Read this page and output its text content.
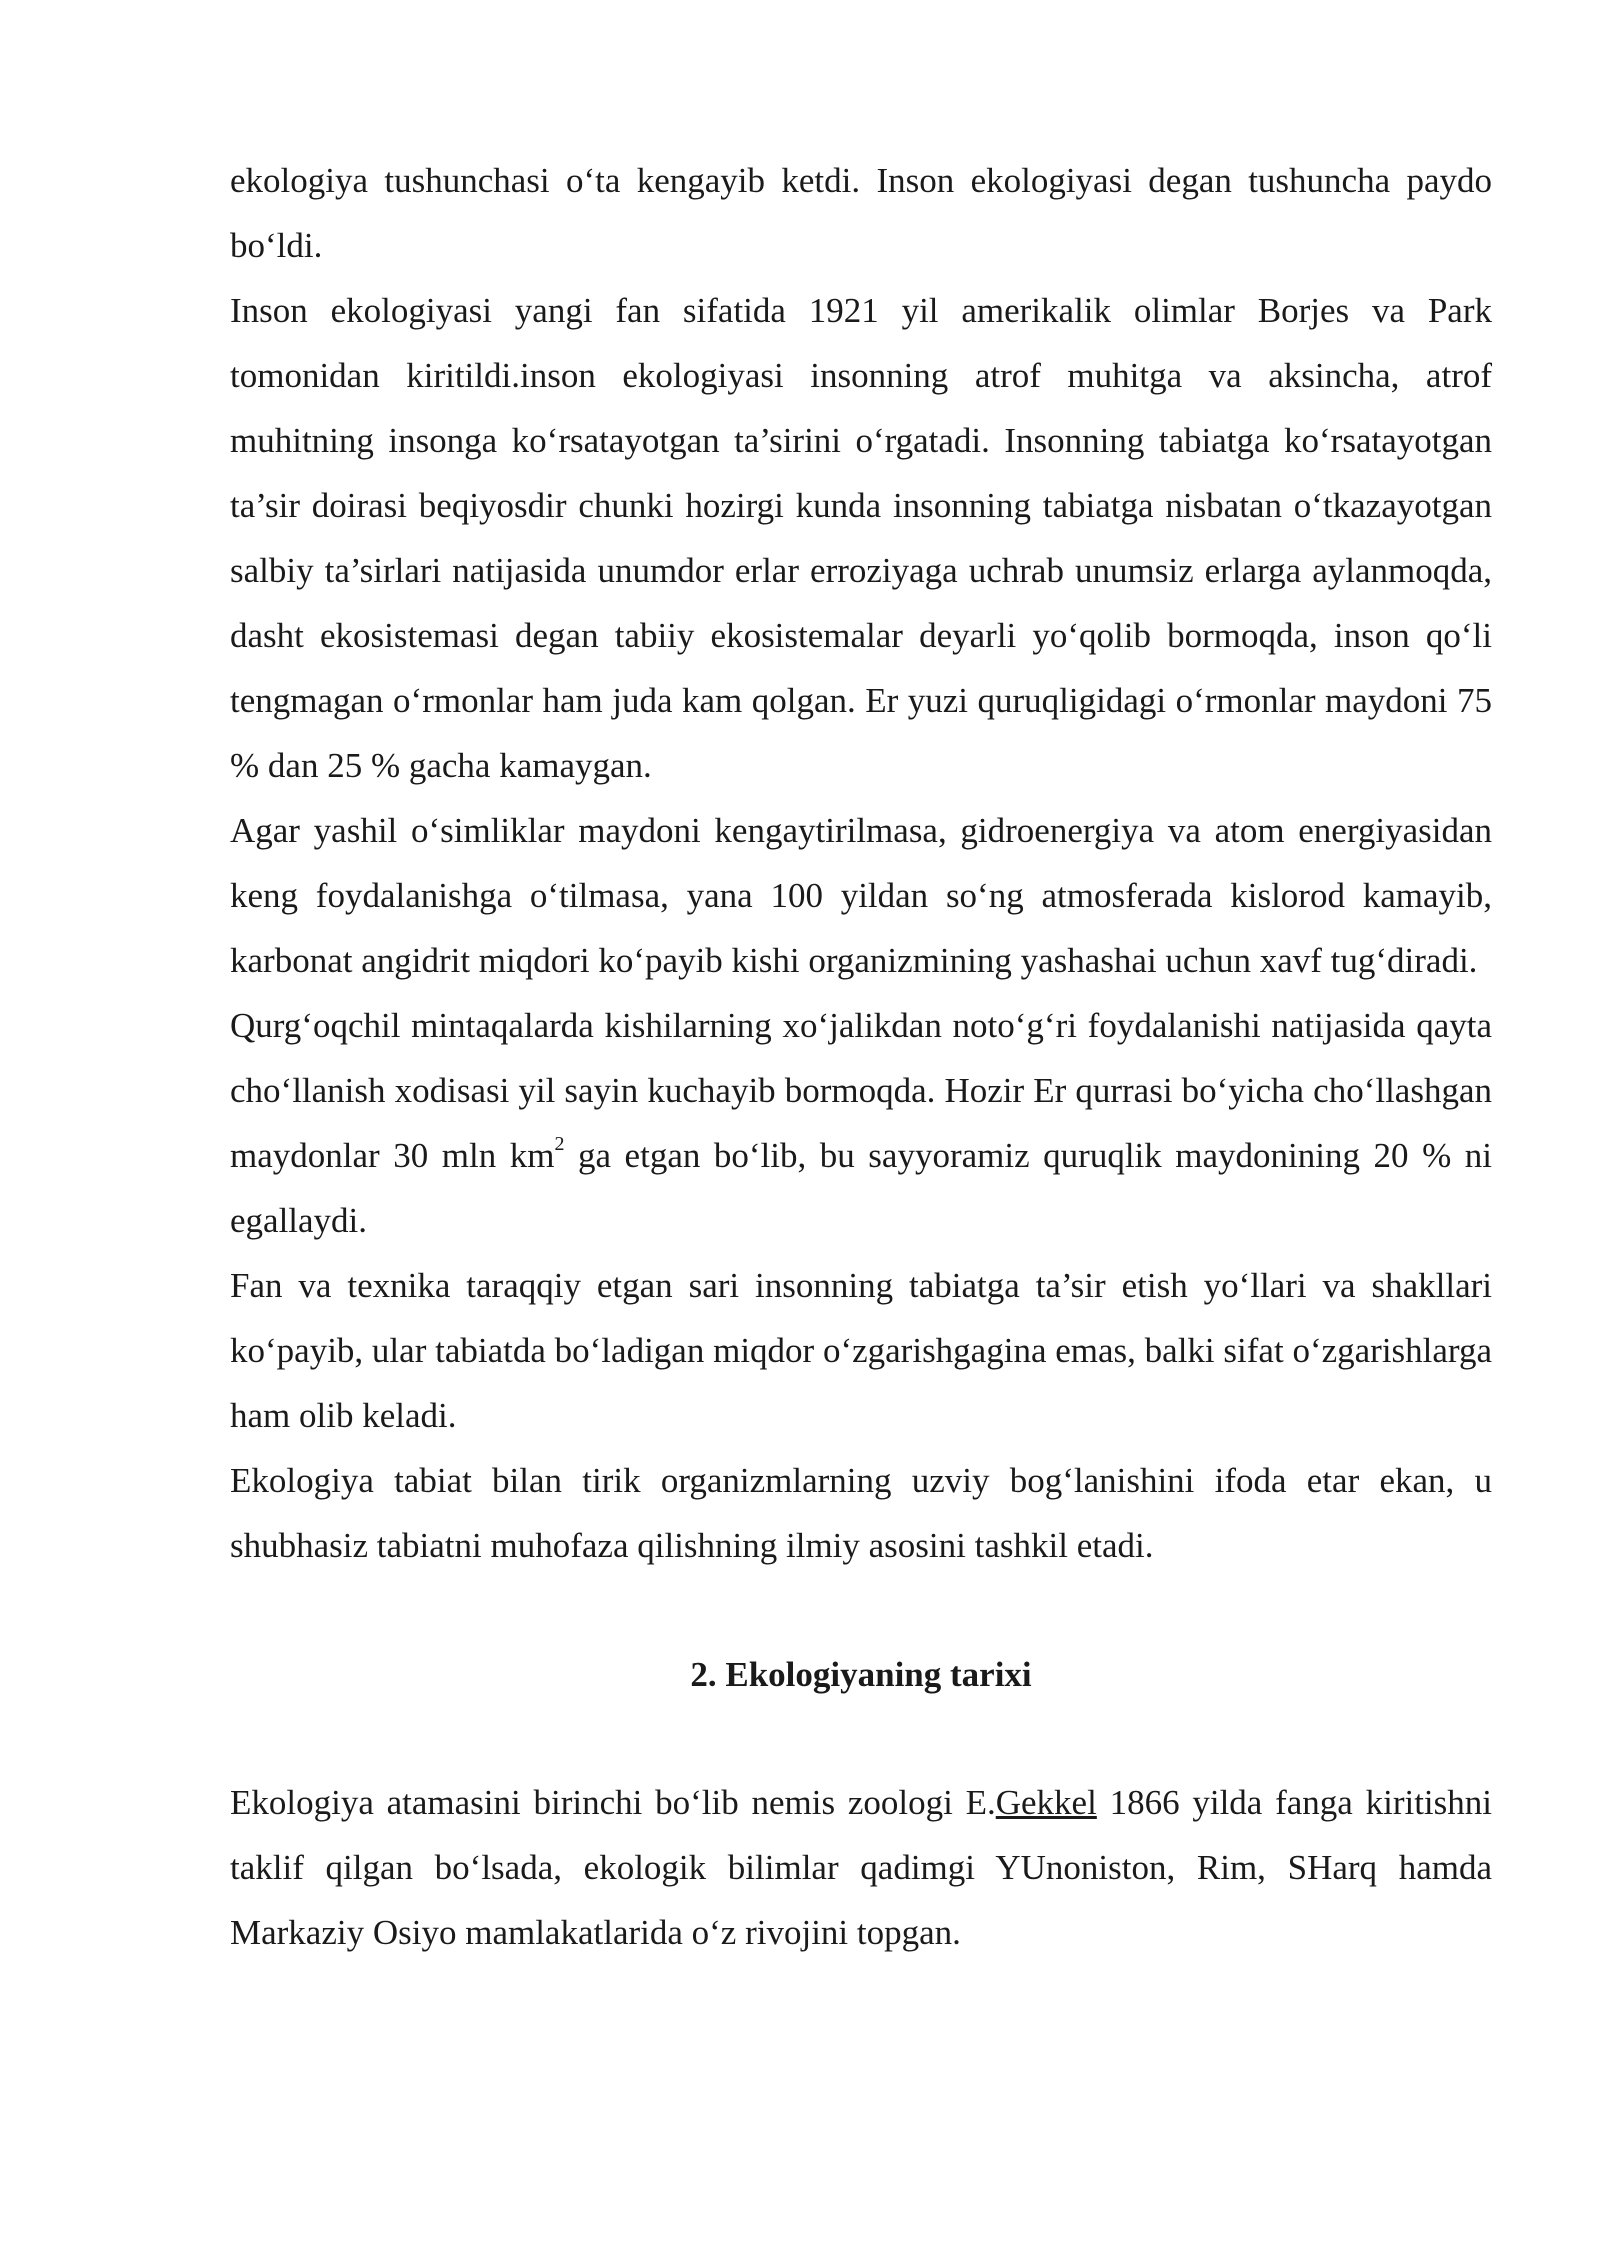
ekologiya tushunchasi o‘ta kengayib ketdi. Inson ekologiyasi degan tushuncha paydo bo‘ldi.

Inson ekologiyasi yangi fan sifatida 1921 yil amerikalik olimlar Borjes va Park tomonidan kiritildi.inson ekologiyasi insonning atrof muhitga va aksincha, atrof muhitning insonga ko‘rsatayotgan ta’sirini o‘rgatadi. Insonning tabiatga ko‘rsatayotgan ta’sir doirasi beqiyosdir chunki hozirgi kunda insonning tabiatga nisbatan o‘tkazayotgan salbiy ta’sirlari natijasida unumdor erlar erroziyaga uchrab unumsiz erlarga aylanmoqda, dasht ekosistemasi degan tabiiy ekosistemalar deyarli yo‘qolib bormoqda, inson qo‘li tengmagan o‘rmonlar ham juda kam qolgan. Er yuzi quruqligidagi o‘rmonlar maydoni 75 % dan 25 % gacha kamaygan.

Agar yashil o‘simliklar maydoni kengaytirilmasa, gidroenergiya va atom energiyasidan keng foydalanishga o‘tilmasa, yana 100 yildan so‘ng atmosferada kislorod kamayib, karbonat angidrit miqdori ko‘payib kishi organizmining yashashai uchun xavf tug‘diradi.

Qurg‘oqchil mintaqalarda kishilarning xo‘jalikdan noto‘g‘ri foydalanishi natijasida qayta cho‘llanish xodisasi yil sayin kuchayib bormoqda. Hozir Er qurrasi bo‘yicha cho‘llashgan maydonlar 30 mln $km^2$ ga etgan bo‘lib, bu sayyoramiz quruqlik maydonining 20 % ni egallaydi.

Fan va texnika taraqqiy etgan sari insonning tabiatga ta’sir etish yo‘llari va shakllari ko‘payib, ular tabiatda bo‘ladigan miqdor o‘zgarishgagina emas, balki sifat o‘zgarishlarga ham olib keladi.

Ekologiya tabiat bilan tirik organizmlarning uzviy bog‘lanishini ifoda etar ekan, u shubhasiz tabiatni muhofaza qilishning ilmiy asosini tashkil etadi.

2. Ekologiyaning tarixi

Ekologiya atamasini birinchi bo‘lib nemis zoologi E.Gekkel 1866 yilda fanga kiritishni taklif qilgan bo‘lsada, ekologik bilimlar qadimgi YUnoniston, Rim, SHarq hamda Markaziy Osiyo mamlakatlarida o‘z rivojini topgan.
